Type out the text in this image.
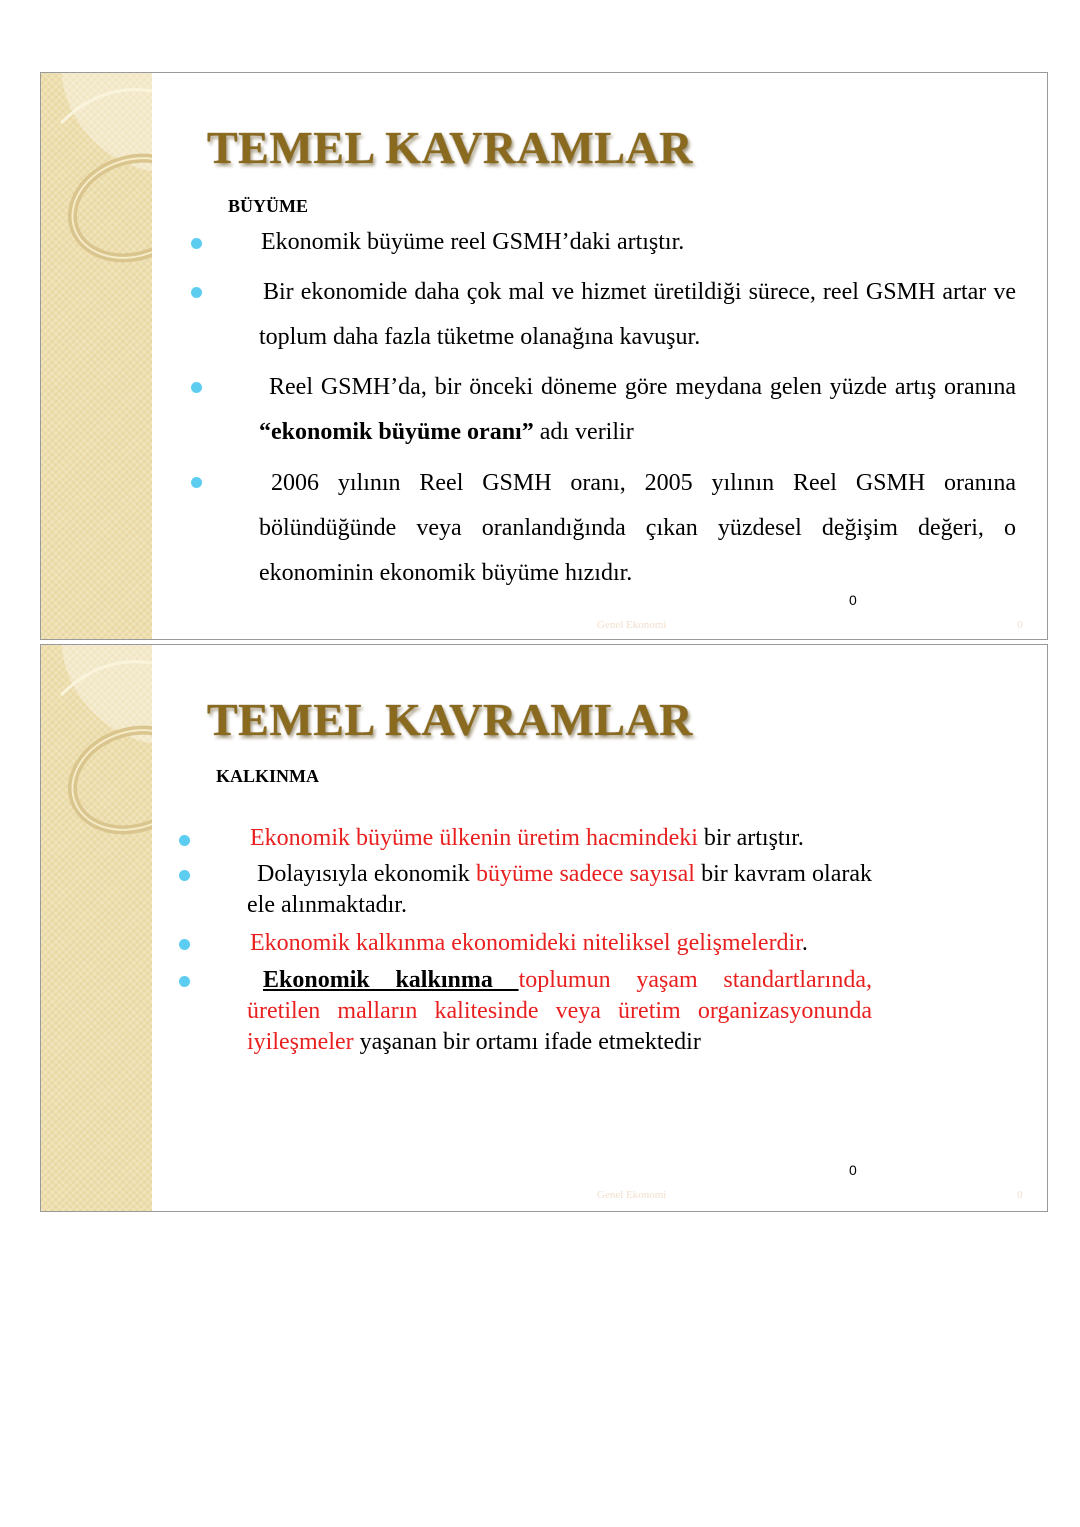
TEMEL KAVRAMLAR
BÜYÜME

Ekonomik büyüme reel GSMH’daki artıştır.

Bir ekonomide daha çok mal ve hizmet üretildiği sürece, reel GSMH artar ve toplum daha fazla tüketme olanağına kavuşur.

Reel GSMH’da, bir önceki döneme göre meydana gelen yüzde artış oranına “ekonomik büyüme oranı” adı verilir

2006 yılının Reel GSMH oranı, 2005 yılının Reel GSMH oranına bölündüğünde veya oranlandığında çıkan yüzdesel değişim değeri, o ekonominin ekonomik büyüme hızıdır.

0
Genel Ekonomi	0
TEMEL KAVRAMLAR
KALKINMA

Ekonomik büyüme ülkenin üretim hacmindeki bir artıştır.

Dolayısıyla ekonomik büyüme sadece sayısal bir kavram olarak ele alınmaktadır.

Ekonomik kalkınma ekonomideki niteliksel gelişmelerdir.

Ekonomik kalkınma toplumun yaşam standartlarında, üretilen malların kalitesinde veya üretim organizasyonunda iyileşmeler yaşanan bir ortamı ifade etmektedir

0
Genel Ekonomi	0
